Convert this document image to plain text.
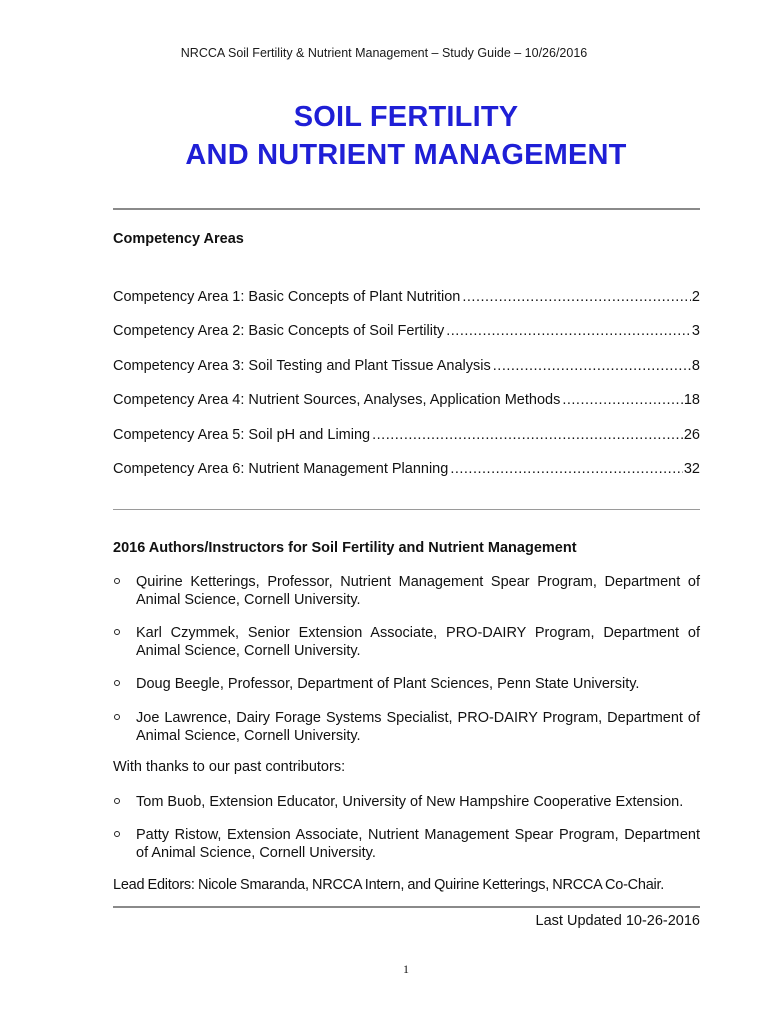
NRCCA Soil Fertility & Nutrient Management – Study Guide – 10/26/2016
SOIL FERTILITY
AND NUTRIENT MANAGEMENT
Competency Areas
Competency Area 1: Basic Concepts of Plant Nutrition .....	2
Competency Area 2: Basic Concepts of Soil Fertility .....	3
Competency Area 3: Soil Testing and Plant Tissue Analysis .....	8
Competency Area 4: Nutrient Sources, Analyses, Application Methods .....	18
Competency Area 5: Soil pH and Liming .....	26
Competency Area 6: Nutrient Management Planning .....	32
2016 Authors/Instructors for Soil Fertility and Nutrient Management
Quirine Ketterings, Professor, Nutrient Management Spear Program, Department of Animal Science, Cornell University.
Karl Czymmek, Senior Extension Associate, PRO-DAIRY Program, Department of Animal Science, Cornell University.
Doug Beegle, Professor, Department of Plant Sciences, Penn State University.
Joe Lawrence, Dairy Forage Systems Specialist, PRO-DAIRY Program, Department of Animal Science, Cornell University.
With thanks to our past contributors:
Tom Buob, Extension Educator, University of New Hampshire Cooperative Extension.
Patty Ristow, Extension Associate, Nutrient Management Spear Program, Department of Animal Science, Cornell University.
Lead Editors: Nicole Smaranda, NRCCA Intern, and Quirine Ketterings, NRCCA Co-Chair.
Last Updated 10-26-2016
1
